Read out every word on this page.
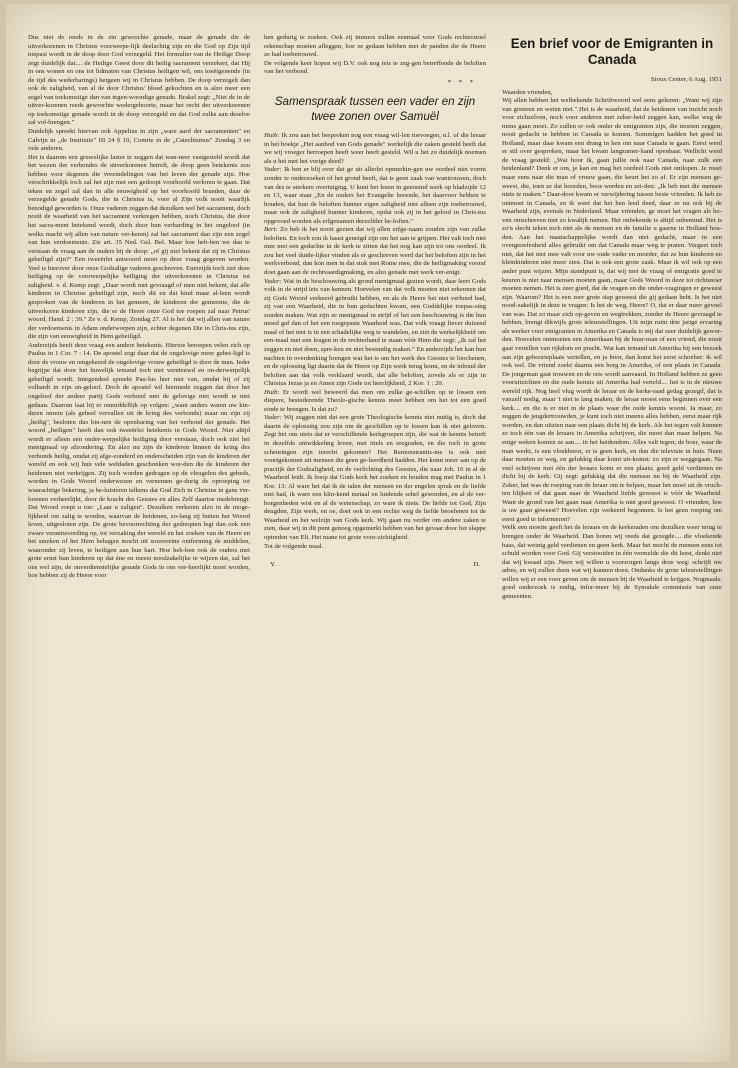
Dus niet de reeds in de zin gewrochte genade, maar de genade die de uitverkorenen in Christus voorwerpe-lijk deelachtig zijn en die God op Zijn tijd toepast wordt in de doop door God verzegeld. Het formulier van de Heilige Doop zegt duidelijk dat.... de Heilige Geest door dit heilig sacrament verzekert, dat Hij in ons wonen en ons tot lidmaten van Christus heiligen wil, ons toeëigenende (in de tijd des wederbarings) hetgeen wij in Christus hebben. De doop verzegelt dan ook de zaligheid, van al de door Christus' bloed gekochten en is alzo meer een zegel van toekomstige dan van tegen-woordige genade. Brakel zegt: „Niet de in de uitver-korenen reeds gewrochte wedergeboorte, maar het recht der uitverkorenen op toekomstige genade wordt in de doop verzegeld en dat God zulks aan deselve zal vol-brengen."

Duidelijk spreekt hiervan ook Appelius in zijn „ware aard der sacramenten" en Calvijn in „de Institutie" III 24 § 10, Comrie in de „Catechismus" Zondag 3 en vele anderen.

Het is daarom een gruwelijke laster te zeggen dat wan-neer vastgesteld wordt dat het wezen der verbondes de uitverkorenen betreft, de doop geen betekenis zou hebben voor degenen die vreemdelingen van het leven der genade zijn. Hoe verschrikkelijk toch zal het zijn met een gedoopt voorhoofd verloren te gaan. Dat teken en zegel zal dan in alle eeuwigheid op het voorhoofd branden, daar de verzegelde genade Gods, die in Christus is, voor al Zijn volk nooit waarlijk benodigd geworden is. Onze vaderen zeggen dat dezulken wel het sacrament, doch nooit de waarheid van het sacrament verkregen hebben, noch Christus, die door het sacra-ment betekend wordt, doch door hun verharding in het ongeloof (in welks macht wij allen van nature ver-keren) zal het sacrament dan zijn een zegel van hun verdoemenis. Zie art. 35 Ned. Gel. Bel. Maar hoe heb-ben we dan te verstaan de vraag aan de ouders bij de doop: „of gij niet bekent dat zij in Christus geheiligd zijn?" Een tweeërlei antwoord moet op deze vraag gegeven worden. Veel is hierover door onze Godzalige vaderen geschreven. Enerzijds toch ziet deze heiliging op de voorwerpelijke heiliging der uitverkorenen in Christus tot zaligheid. v. d. Kemp zegt: „Daar wordt niet gevraagd of men niet bekent, dat alle kinderen in Christus geheiligd zijn, noch dit en dat kind maar al-leen wordt gesproken van de kinderen in het gemeen, de kinderen der gemeente, die de uitverkoren kinderen zijn, die er de Heere onze God toe roepen zal naar Petrus' woord, Hand. 2 : 39." Ze v. d. Kemp, Zondag 27. Al is het dat wij allen van nature der verdoemenis in Adam onderworpen zijn, echter degenen Die in Chris-tus zijn, die zijn van eeuwigheid in Hem geheiligd.

Anderzijds heeft deze vraag een andere betekenis. Hiertoe beroepen velen zich op Paulus in 1 Cor. 7 : 14. De apostel zegt daar dat de ongelovige meer gehei-ligd is door de vrouw en omgekeerd de ongelovige vrouw geheiligd is door de man. Ieder begrijpe dat door het huwelijk iemand toch niet vernieuwd en on-derwerpelijk geheiligd wordt. Integendeel spreekt Pau-lus hier niet van, omdat hij of zij volhardt in zijn on-geloof. Doch de apostel wil hiermede zeggen dat door het ongeloof der andere partij Gods verbond met de gelovige niet wordt te niet gedaan. Daarom laat hij er onmiddellijk op volgen: „want anders waren uw kin-deren onrein (als geheel vervallen uit de kring des verbonds) maar nu zijn zij „heilig", besloten dus bin-nen de openbaring van het verbond der genade. Het woord „heiligen" heeft dan ook tweeërlei betekenis in Gods Woord. Niet altijd wordt er alleen een onder-werpelijke heiliging door verstaan, doch ook ziet het menigmaal op afzondering. En alzo nu zijn de kinderen binnen de kring des verbonds heilig, omdat zij afge-zonderd en onderscheiden zijn van de kinderen der wereld en ook wij hun vele weldaden geschonken wor-den die de kinderen der heidenen niet verkrijgen. Zij toch worden gedragen op de vleugelen des gebeds, worden in Gods Woord onderwezen en vernemen ge-durig de oproeping tot waarachtige bekering, ja be-luisteren telkens dat God Zich in Christus in gans ver-lorenen verheerlijkt, door de kracht des Geestes en alles Zelf daartoe medebrengt. Dat Woord roept u toe: „Laat u zaligen". Dezulken verkeren alzo in de moge-lijkheid om zalig te worden, waarvan de heidenen, zo-lang zij buiten het Woord leven, uitgesloten zijn. De grote bevoorrechting der gedoopten legt dan ook een zware verantwoording op, tot verzaking der wereld en het zoeken van de Heere en het smeken of het Hem behagen mocht uit souvereine ontferming de middelen, waaronder zij leven, te heiligen aan hun hart. Hoe heb-ben ook de ouders met grote ernst hun kinderen op dat éne en meest noodzakelijke te wijzen dat, zal het ons wel zijn, de onverdienstelijke genade Gods in ons ver-heerlijkt moet worden, hoe hebben zij de Heere voor

hen gedurig te zoeken. Ook zij immers zullen eenmaal voor Gods rechterstoel rekenschap moeten afleggen, hoe ze gedaan hebben met de panden die de Heere ze had toebetrouwd.

De volgende keer hopen wij D.V. ook nog iets te zeg-gen betreffende de beloften van het verbond.

* * *
Samenspraak tussen een vader en zijn twee zonen over Samuël

Huib: Ik zou aan het besproken nog een vraag wil-len toevoegen, n.l. of die leraar in het boekje „Het aanbod van Gods genade" werkelijk die zaken gesteld heeft dat we wij vroeger herroepen heeft weer heeft gesteld. Wil u het zo duidelijk noemen als u het met het vorige deed?

Vader: Ik ben er blij over dat ge uit allerlei opmerkin-gen uw oordeel niet vormt zonder te onderzoeken of het grond heeft, dat is geen zaak van wantrouwen, doch van des te sterkere overtuiging. U kunt het lezen in genoemd werk op bladzijde 12 en 13, waar staat „En de ouders het Evangelie horende, het daarvoor hebben te houden, dat hun de beloften hunner eigen zaligheid niet alleen zijn toebetrouwd, maar ook de zaligheid hunner kinderen, opdat ook zij in het geloof in Chris-tus opgevoed worden als erfgenamen derzelfder be-loften."

Bert: Zo heb ik het nooit gezien dat wij allen erfge-naam zouden zijn van zulke beloften. En toch zou ik haast geneigd zijn om het aan te grijpen. Het valt toch niet mee met een gedachte in de kerk te zitten dat het nog kan zijn tot ons oordeel. Ik zou het veel duide-lijker vinden als er geschreven werd dat het beloften zijn in het werkverbond, dan kon men in dat stuk met Rome mee, die de heiligmaking vooraf doet gaan aan de rechtvaardigmaking, en alzo genade met werk ver-enigt.

Vader: Wat in de beschouwing als grond menigmaal gezien wordt, daar leert Gods volk in de strijd iets van kennen. Hoevelen van dat volk moeten niet erkennen dat zij Gods Woord verkeerd gebruikt hebben, en als de Heere het niet verhoed had, zij van een Waarheid, die in hun gedachten kwam, een Goddelijke toepas-sing zouden maken. Wat zijn ze menigmaal in strijd of het een beschouwing is die hun moed gaf dan of het een toegepaste Waarheid was. Dat volk vraagt liever duizend maal of het niet is in een schadelijke weg te wandelen, en ziet de werkelijkheid om een-maal met een leugen in de rechterhand te staan vóór Hem die zegt: „Ik zal het zeggen en niet doen, spre-ken en niet bestendig maken." En anderzijds het kan hun nachten in overdenking brengen wat het is om het werk des Geestes te loochenen, en de oplossing ligt daarin dat de Heere op Zijn werk terug komt, en de inhoud der beloften aan dat volk verklaard wordt, dat alle beloften, zovele als er zijn in Christus Jezus ja en Amen zijn Gode tot heerlijkheid, 2 Kor. 1 : 20.

Huib: Er wordt wel beweerd dat men om zulke ge-schillen op te lossen een diepere, bestuderende Theolo-gische kennis moet hebben om het tot een goed einde te brengen. Is dat zo?

Vader: Wij zeggen niet dat een grote Theologische kennis niet nuttig is, doch dat daarin de oplossing zou zijn om de geschillen op te lossen kan ik niet geloven. Zegt het ons niets dat er verschillende kerkgroepen zijn, die wat de kennis betreft in dezelfde ontwikkeling leven, met titels en eregraden, en die toch in grote scheuringen zijn terecht gekomen? Het Remonstrantis-me is ook niet voortgekomen uit mensen die geen ge-leerdheid hadden. Het komt meer aan op de practijk der Godzaligheid, en de verlichting des Geestes, die naar Joh. 16 in al de Waarheid leidt. Ik hoop dat Gods kerk het zoeken en houden mag met Paulus in 1 Kor. 13: Al ware het dat ik de talen der mensen en der engelen sprak en de liefde niet had, ik ware een klin-kend metaal en luidende schel geworden, en al de ver-borgenheden wist en al de wetenschap, zo ware ik niets. De liefde tot God, Zijn deugden, Zijn werk, en oe, doet ook in een rechte weg de liefde beoefenen tot de Waarheid en het welzijn van Gods kerk. Wij gaan nu verder om andere zaken te zien, daar wij in dit punt genoeg opgemerkt hebben van het gevaar door het slappe optreden van Eli. Het mane tot grote voor-zichtigheid.

Tot de volgende maal.

Y.	D.
Een brief voor de Emigranten in Canada
Sioux Center, 6 Aug. 1951

Waarden vrienden,

Wij allen hebben het welbekende Schriftwoord wel eens gelezen: „Want wij zijn van gisteren en weten niet." Het is de waarheid, dat de heidenen van inzicht noch voor zichzelven, noch voor anderen met zeker-heid zeggen kan, welke weg de mens gaan moet. Zo zullen er ook onder de emigranten zijn, die moeten zeggen, nooit gedacht te hebben in Canada te komen. Sommigen hadden het goed in Holland, maar daar kwam een drang in hen om naar Canada te gaan. Eerst werd er stil over gesproken, maar het kwam langzamer-hand openbaar. Wellicht werd de vraag gesteld: „Wat hoor ik, gaan jullie ook naar Canada, naar zulk een heidenland? Denk er om, je kan en mag het oordeel Gods niet ontlopen. Je moet maar eens naar die man of vrouw gaan, die keurt het zo af. Er zijn mensen ge-weest, die, toen ze dat hoorden, boos werden en zei-den: „Ik heb met die mensen niets te maken." Daar-door kwam er verwijdering tussen beste vrienden. Ik heb ze ontmoet in Canada, en ik weet dat het hen leed deed, daar ze nu ook bij de Waarheid zijn, evenals in Nederland. Maar vrienden, ge moet het vragen als bo-ven omschreven niet zo kwalijk nemen. Het onbekende is altijd onbemind. Het is zo'n slecht teken toch niet als de mensen en de familie u gaarne in Holland hou-den. Aan het maatschappelijke wordt dan niet gedacht, maar in een overgeoefenheid alles gebruikt om dat Canada maar weg te praten. Vergeet toch niet, dat het niet mee valt voor uw oude vader en moeder, dat ze hun kinderen en kleinkinderen niet meer zien. Dat is ook een grote zaak. Maar ik wil ook op een ander punt wijzen. Mijn standpunt is, dat wij met de vraag of emigratie goed te keuren is niet naar mensen moeten gaan, maar Gods Woord in deze tot richtsnoer moeten nemen. Het is zeer goed, dat de vragen en die onder-vragingen er geweest zijn. Waarom? Het is een zeer grote stap geweest die gij gedaan hebt. Is het niet nood-zakelijk in deze te vragen: Is het de weg, Heere? O, dat er daar meer gevoel van was. Dat zo maar zich op-geven en wegtrekken, zonder de Heere gevraagd te hebben, brengt dikwijls grote teleurstellingen. Uit mijn ruim drie jarige ervaring als werker voor emigranten in Amerika en Canada is mij dat zeer duidelijk gewor-den. Hoevelen ontmoeten een Amerikaan bij de buur-man of een vriend, die nooit gaat vertellen van rijkdom en pracht. Wat kan iemand uit Amerika bij een bezoek aan zijn geboorteplaats vertellen, en ja hoor, dan komt het eerst schoeber: ik wil ook wel. De vriend zoekt daarna een borg in Amerika, of een plaats in Canada. De jongeman gaat trouwen en de reis wordt aanvaard. In Holland hebben ze geen vooruitzichten en die oude kennis uit Amerika had verteld.... het is in de nieuwe wereld rijk. Nog heel vlug wordt de leraar en de kerke-raad gedag gezegd, dat is vanzelf nodig, maar 't niet te lang maken, de leraar moest eens beginnen over een kerk.... en die is er niet in de plaats waar die oude kennis woont. Ja maar, zo zeggen de jeugdertrouwden, je kunt toch niet meenu alles hebben, eerst maar rijk worden, en dan uitzien naar een plaats dicht bij de kerk. Als het tegen valt kunnen ze toch één van de leraars in Amerika schrijven, die moet dan maar helpen. Na enige weken komen ze aan.... in het heidendom. Alles valt tegen; de boer, waar de man werkt, is een vloekbeest, er is geen kerk, en dan die televisie in huis. Neen daar moeten ze weg, en gelukkig daar komt uit-komst: zo zijn er weggegaan. Na veel schrijven met één der leraars komt er een plaats; goed geld verdienen en dicht bij de kerk. Gij zegt: gelukkig dat die mensen nu bij de Waarheid zijn. Zeker, het was de roeping van de leraar om te helpen, maar het moet uit de vruch-ten blijken of dat gaan naar de Waarheid liefde geweest is vóór de Waarheid. Want de grond van het gaan naar Amerika is niet goed geweest. O vrienden, hoe is uw gaan geweest? Hoevelen zijn verkeerd begonnen. Is het geen roeping om eerst goed te informeren?

Welk een moeite geeft het de leraars en de kerkeraden om dezulken weer terug te brengen onder de Waarheid. Dan horen wij reeds dat gezegde.... die vloekende baas, dat weinig geld verdienen en geen kerk. Maar het mocht de mensen eens tot schuld worden voor God. Gij verstooiden in één vermelde die dit leest, denkt niet dat wij kwaad zijn. Neen wij willen u voorzorgen langs deze weg: schrijft uw adres, en wij zullen doen wat wij kunnen doen. Ondanks de grote teleurstellingen willen wij er een voor geven om de mensen bij de Waarheid te krijgen. Nogmaals: goed onderzoek is nodig, infor-meer bij de Synodale commissie van onze gemeenten.
